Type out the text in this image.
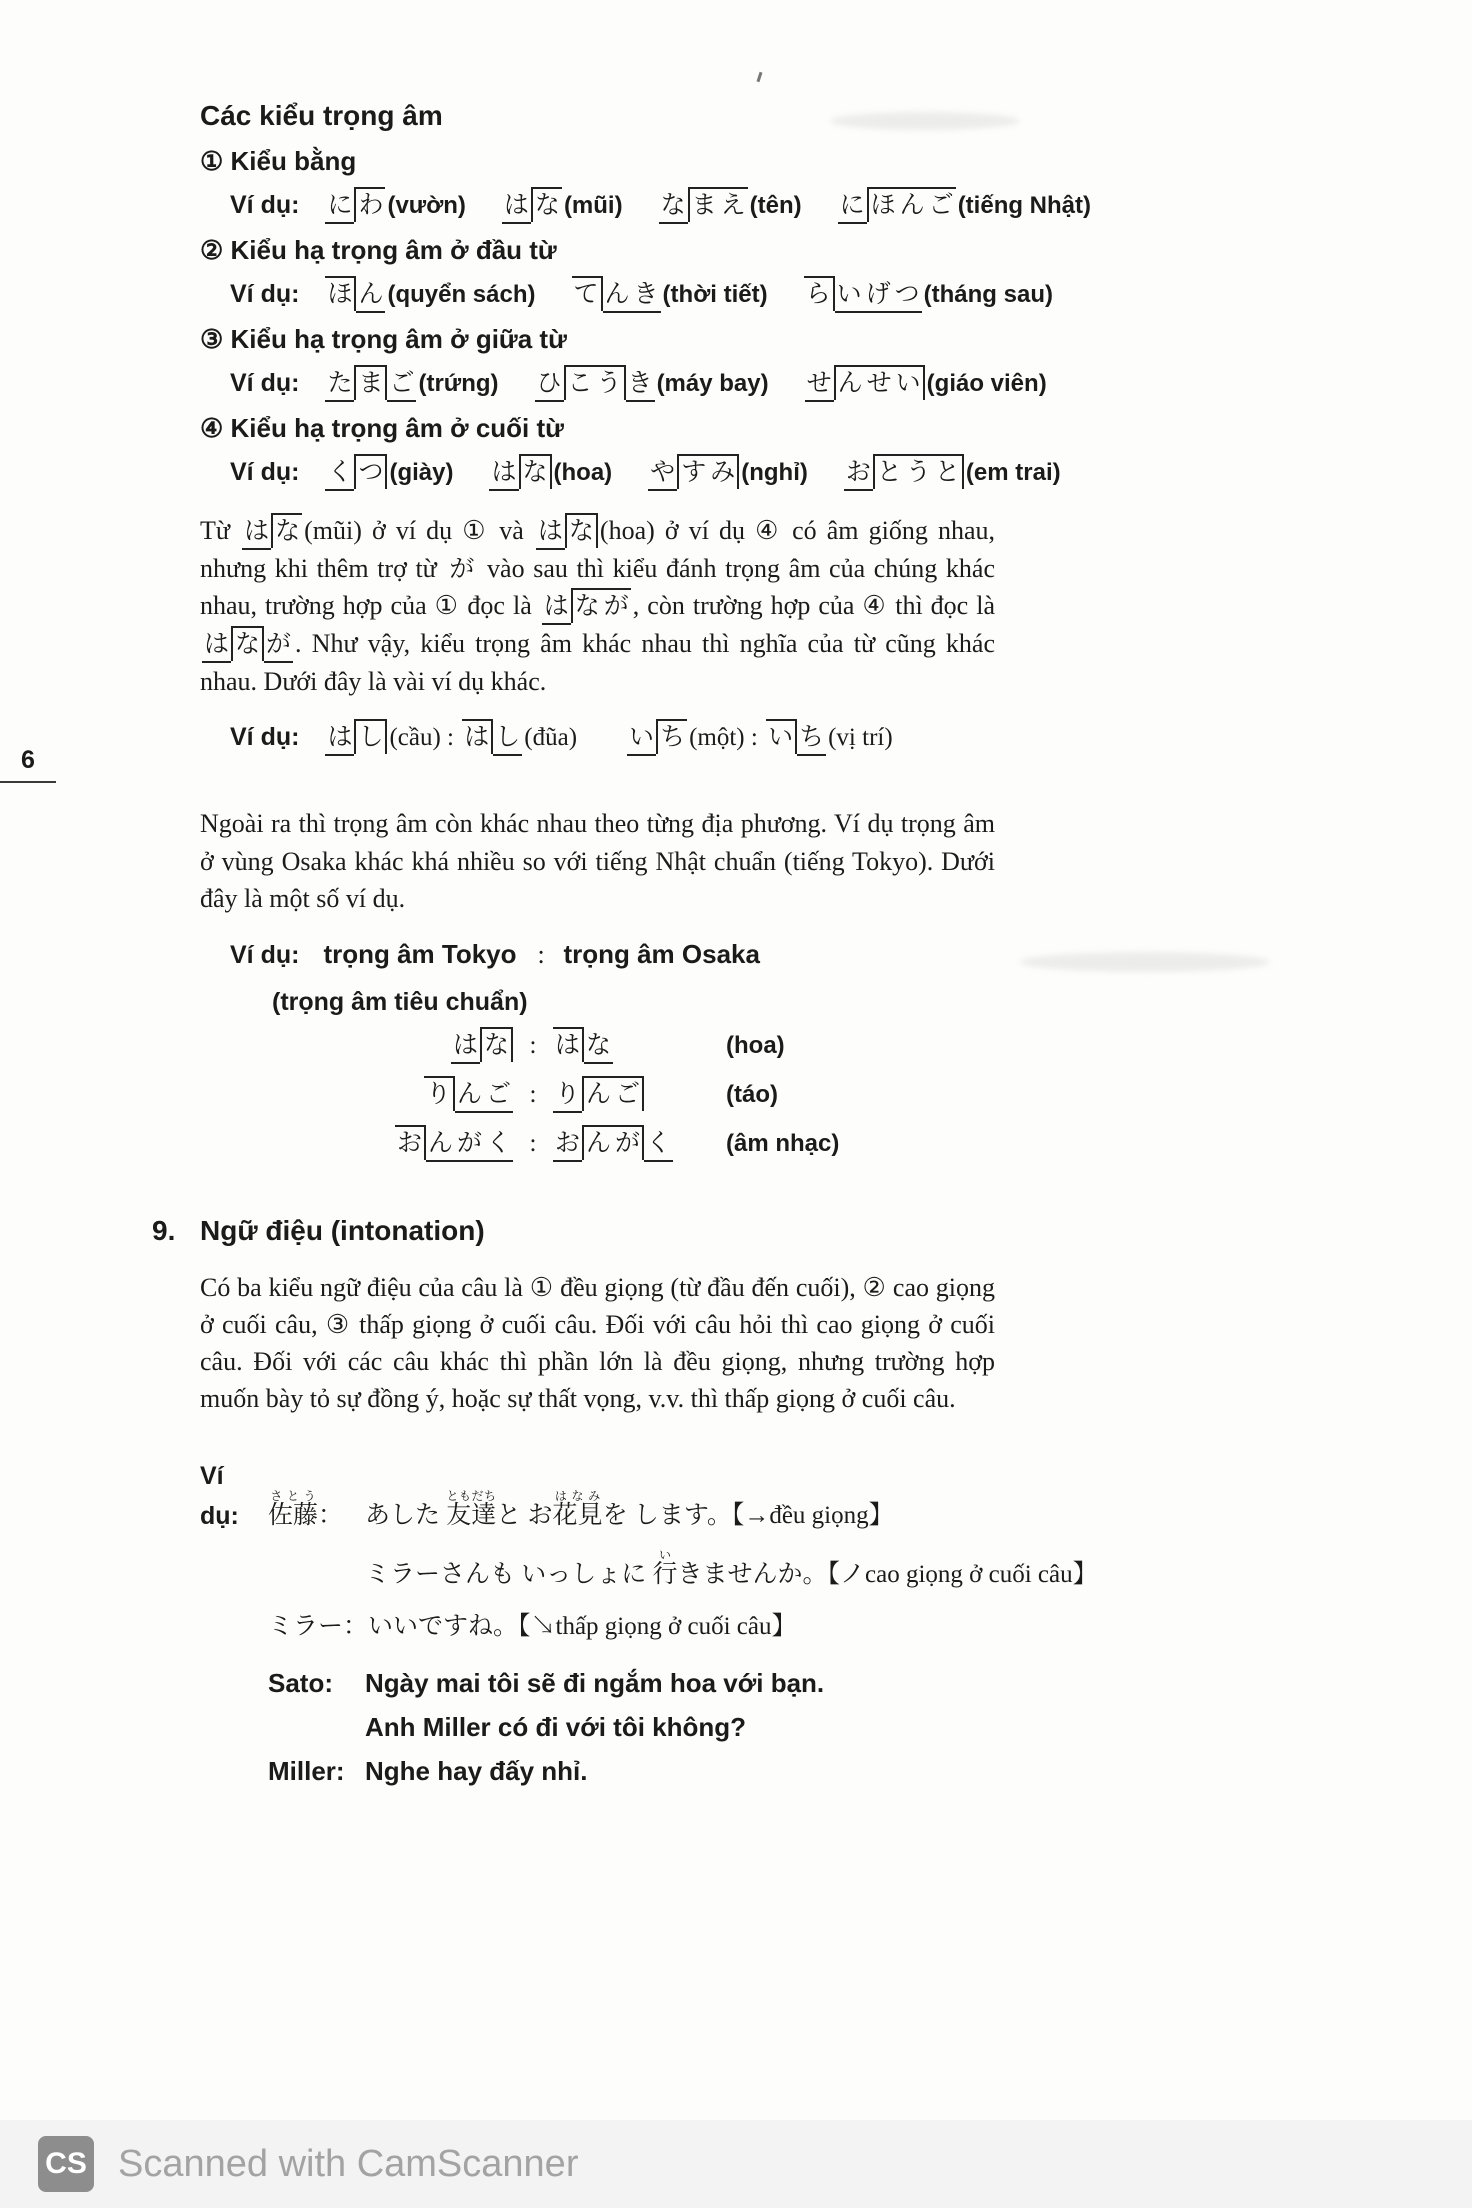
6
Các kiểu trọng âm
① Kiểu bằng
Ví dụ: に わ (vườn) は な (mũi) な ま え (tên) に ほ ん ご (tiếng Nhật)
② Kiểu hạ trọng âm ở đầu từ
Ví dụ: ほ ん (quyển sách) て ん き (thời tiết) ら い げ つ (tháng sau)
③ Kiểu hạ trọng âm ở giữa từ
Ví dụ: た ま ご (trứng) ひ こ う き (máy bay) せ ん せ い (giáo viên)
④ Kiểu hạ trọng âm ở cuối từ
Ví dụ: く つ (giày) は な (hoa) や す み (nghỉ) お と う と (em trai)

Từ は な (mũi) ở ví dụ ① và は な (hoa) ở ví dụ ④ có âm giống nhau, nhưng khi thêm trợ từ が vào sau thì kiểu đánh trọng âm của chúng khác nhau, trường hợp của ① đọc là は な が , còn trường hợp của ④ thì đọc là は な が . Như vậy, kiểu trọng âm khác nhau thì nghĩa của từ cũng khác nhau. Dưới đây là vài ví dụ khác.

Ví dụ: は し (cầu) : は し (đũa) い ち (một) : い ち (vị trí)

Ngoài ra thì trọng âm còn khác nhau theo từng địa phương. Ví dụ trọng âm ở vùng Osaka khác khá nhiều so với tiếng Nhật chuẩn (tiếng Tokyo). Dưới đây là một số ví dụ.

Ví dụ: trọng âm Tokyo : trọng âm Osaka
(trọng âm tiêu chuẩn)
は な : は な	(hoa)
り ん ご : り ん ご	(táo)
お ん が く : お ん が く	(âm nhạc)
9. Ngữ điệu (intonation)

Có ba kiểu ngữ điệu của câu là ① đều giọng (từ đầu đến cuối), ② cao giọng ở cuối câu, ③ thấp giọng ở cuối câu. Đối với câu hỏi thì cao giọng ở cuối câu. Đối với các câu khác thì phần lớn là đều giọng, nhưng trường hợp muốn bày tỏ sự đồng ý, hoặc sự thất vọng, v.v. thì thấp giọng ở cuối câu.

Ví dụ:	佐藤さとう： あした 友達ともだちと お花見はなみを します。【→đều giọng】
ミラーさんも いっしょに 行いきませんか。【ノcao giọng ở cuối câu】
ミラー： いいですね。【↘thấp giọng ở cuối câu】
Sato:	Ngày mai tôi sẽ đi ngắm hoa với bạn.
Anh Miller có đi với tôi không?
Miller: Nghe hay đấy nhỉ.
CS Scanned with CamScanner
